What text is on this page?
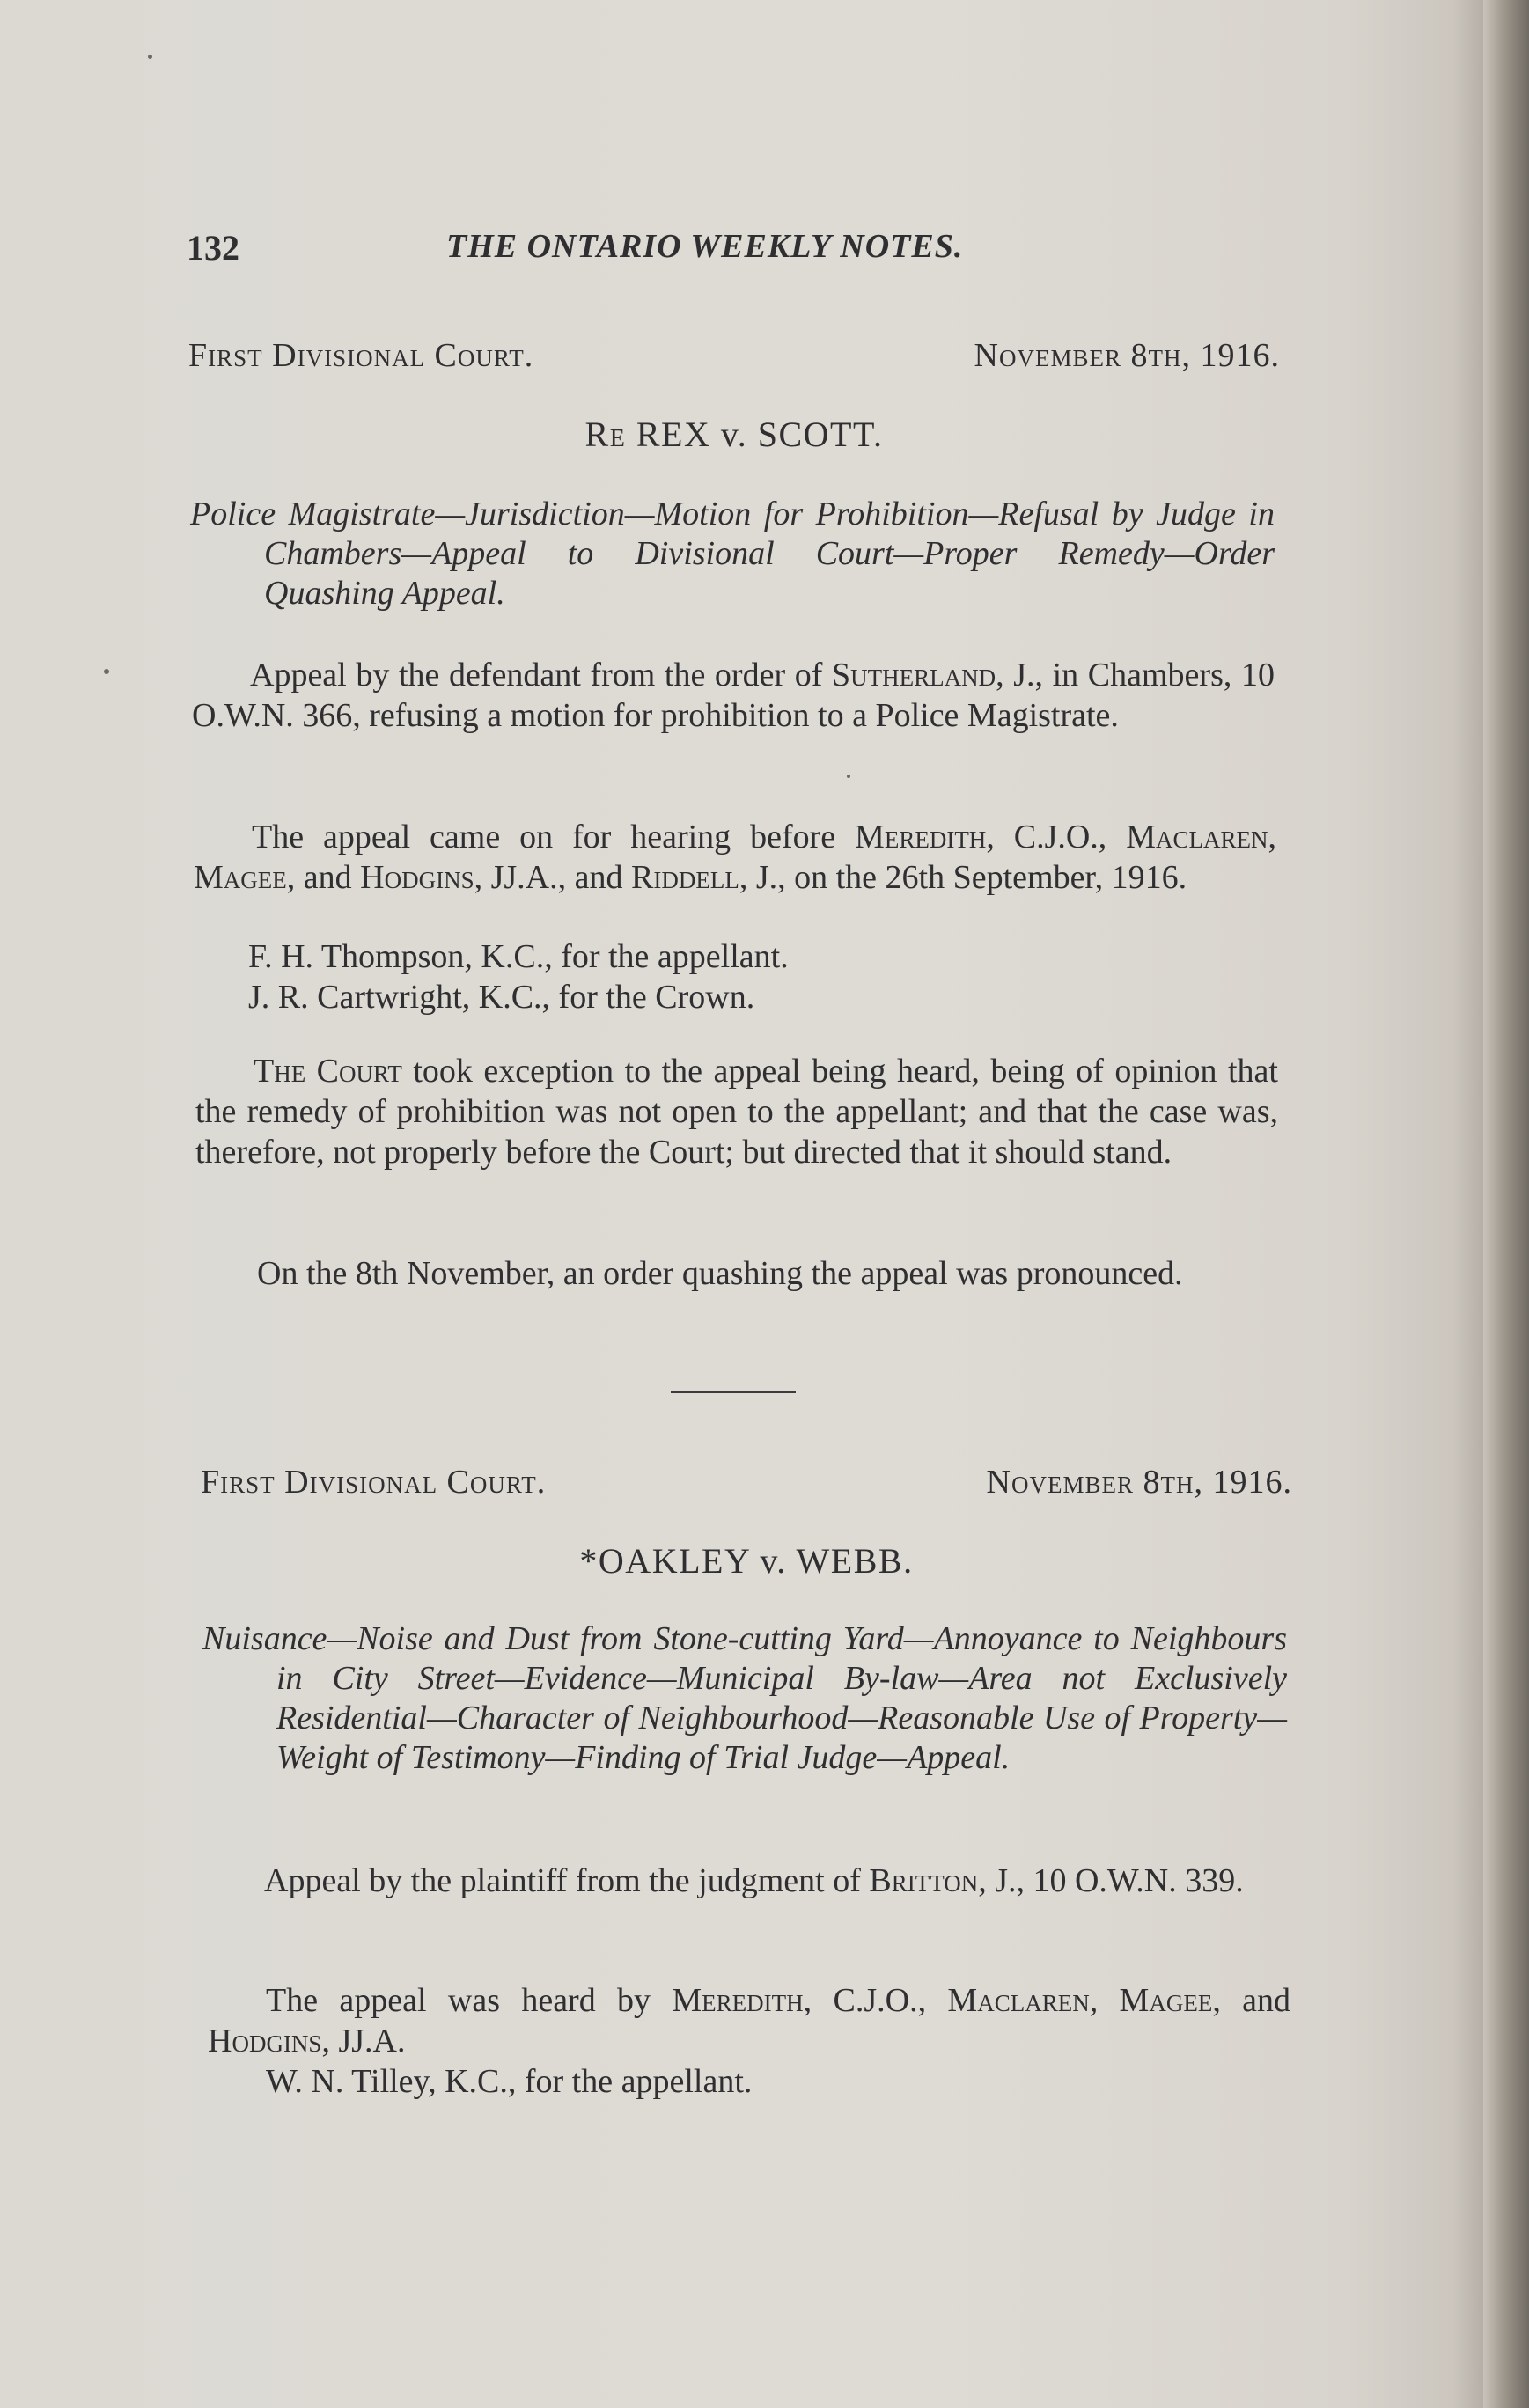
132	THE ONTARIO WEEKLY NOTES.
First Divisional Court.	November 8th, 1916.
Re REX v. SCOTT.
Police Magistrate—Jurisdiction—Motion for Prohibition—Refusal by Judge in Chambers—Appeal to Divisional Court—Proper Remedy—Order Quashing Appeal.
Appeal by the defendant from the order of Sutherland, J., in Chambers, 10 O.W.N. 366, refusing a motion for prohibition to a Police Magistrate.
The appeal came on for hearing before Meredith, C.J.O., Maclaren, Magee, and Hodgins, JJ.A., and Riddell, J., on the 26th September, 1916.
F. H. Thompson, K.C., for the appellant.
J. R. Cartwright, K.C., for the Crown.
The Court took exception to the appeal being heard, being of opinion that the remedy of prohibition was not open to the appellant; and that the case was, therefore, not properly before the Court; but directed that it should stand.
On the 8th November, an order quashing the appeal was pronounced.
First Divisional Court.	November 8th, 1916.
*OAKLEY v. WEBB.
Nuisance—Noise and Dust from Stone-cutting Yard—Annoyance to Neighbours in City Street—Evidence—Municipal By-law—Area not Exclusively Residential—Character of Neighbourhood—Reasonable Use of Property—Weight of Testimony—Finding of Trial Judge—Appeal.
Appeal by the plaintiff from the judgment of Britton, J., 10 O.W.N. 339.
The appeal was heard by Meredith, C.J.O., Maclaren, Magee, and Hodgins, JJ.A.
W. N. Tilley, K.C., for the appellant.
